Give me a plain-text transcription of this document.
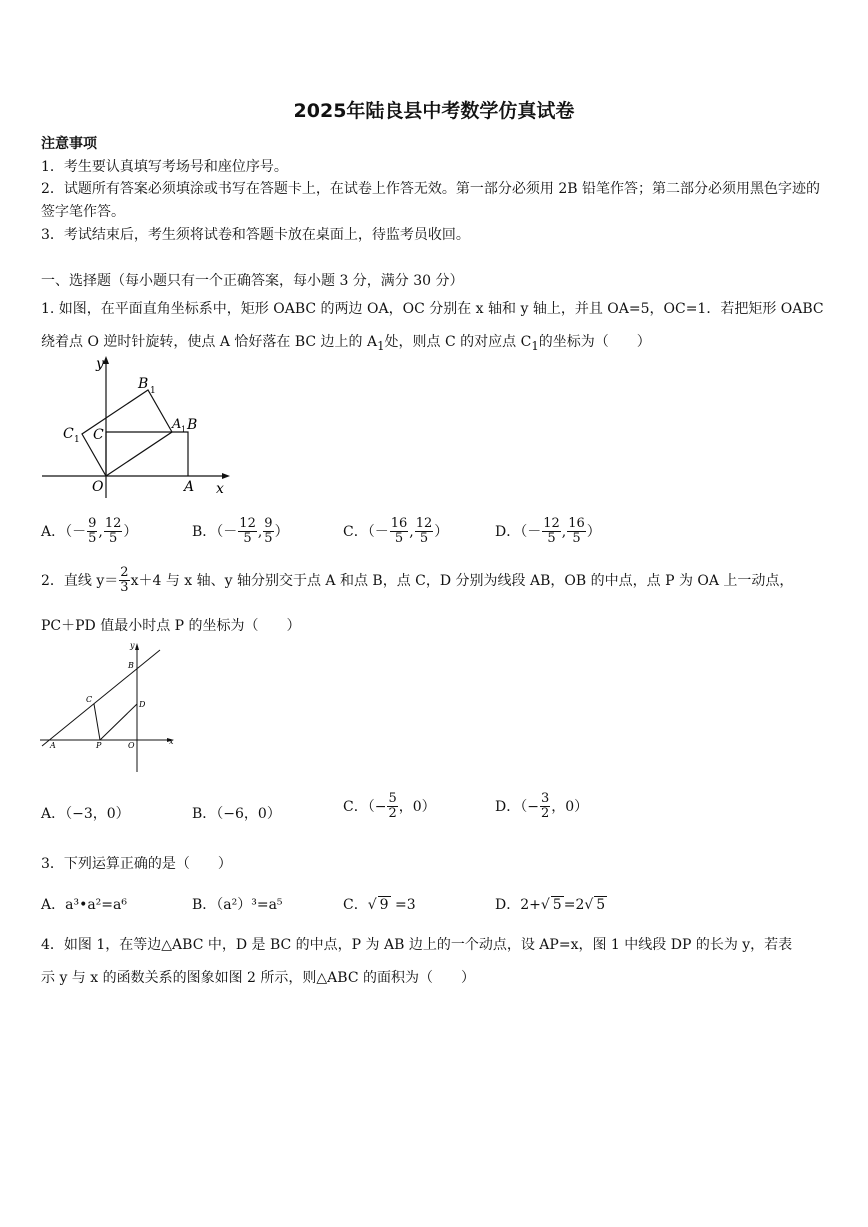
2025年陆良县中考数学仿真试卷
注意事项
1．考生要认真填写考场号和座位序号。
2．试题所有答案必须填涂或书写在答题卡上，在试卷上作答无效。第一部分必须用 2B 铅笔作答；第二部分必须用黑色字迹的签字笔作答。
3．考试结束后，考生须将试卷和答题卡放在桌面上，待监考员收回。
一、选择题（每小题只有一个正确答案，每小题 3 分，满分 30 分）
1. 如图，在平面直角坐标系中，矩形 OABC 的两边 OA，OC 分别在 x 轴和 y 轴上，并且 OA=5，OC=1．若把矩形 OABC
绕着点 O 逆时针旋转，使点 A 恰好落在 BC 边上的 $A_1$处，则点 C 的对应点 $C_1$的坐标为（　　）
y
B 1
A 1 B
C 1 C
O	A x
A．（－ $\frac{9}{5}$ , $\frac{12}{5}$ ）	B．（－ $\frac{12}{5}$ , $\frac{9}{5}$ ）	C．（－ $\frac{16}{5}$ , $\frac{12}{5}$ ）	D．（－ $\frac{12}{5}$ , $\frac{16}{5}$ ）
2．直线 $y= \frac{2}{3} x+4$ 与 x 轴、y 轴分别交于点 A 和点 B，点 C，D 分别为线段 AB，OB 的中点，点 P 为 OA 上一动点，
PC＋PD 值最小时点 P 的坐标为（　　）
y
B
C
D
A	P	O	x
A．（−3，0）	B．（−6，0）	C．（− $\frac{5}{2}$ ，0）	D．（− $\frac{3}{2}$ ，0）
3．下列运算正确的是（　　）
A．a³•a²=a⁶	B．（a²）³=a⁵	C．√ 9 =3	D．2+√ 5 =2√ 5
4．如图 1，在等边△ABC 中，D 是 BC 的中点，P 为 AB 边上的一个动点，设 AP=x，图 1 中线段 DP 的长为 y，若表
示 y 与 x 的函数关系的图象如图 2 所示，则△ABC 的面积为（　　）
